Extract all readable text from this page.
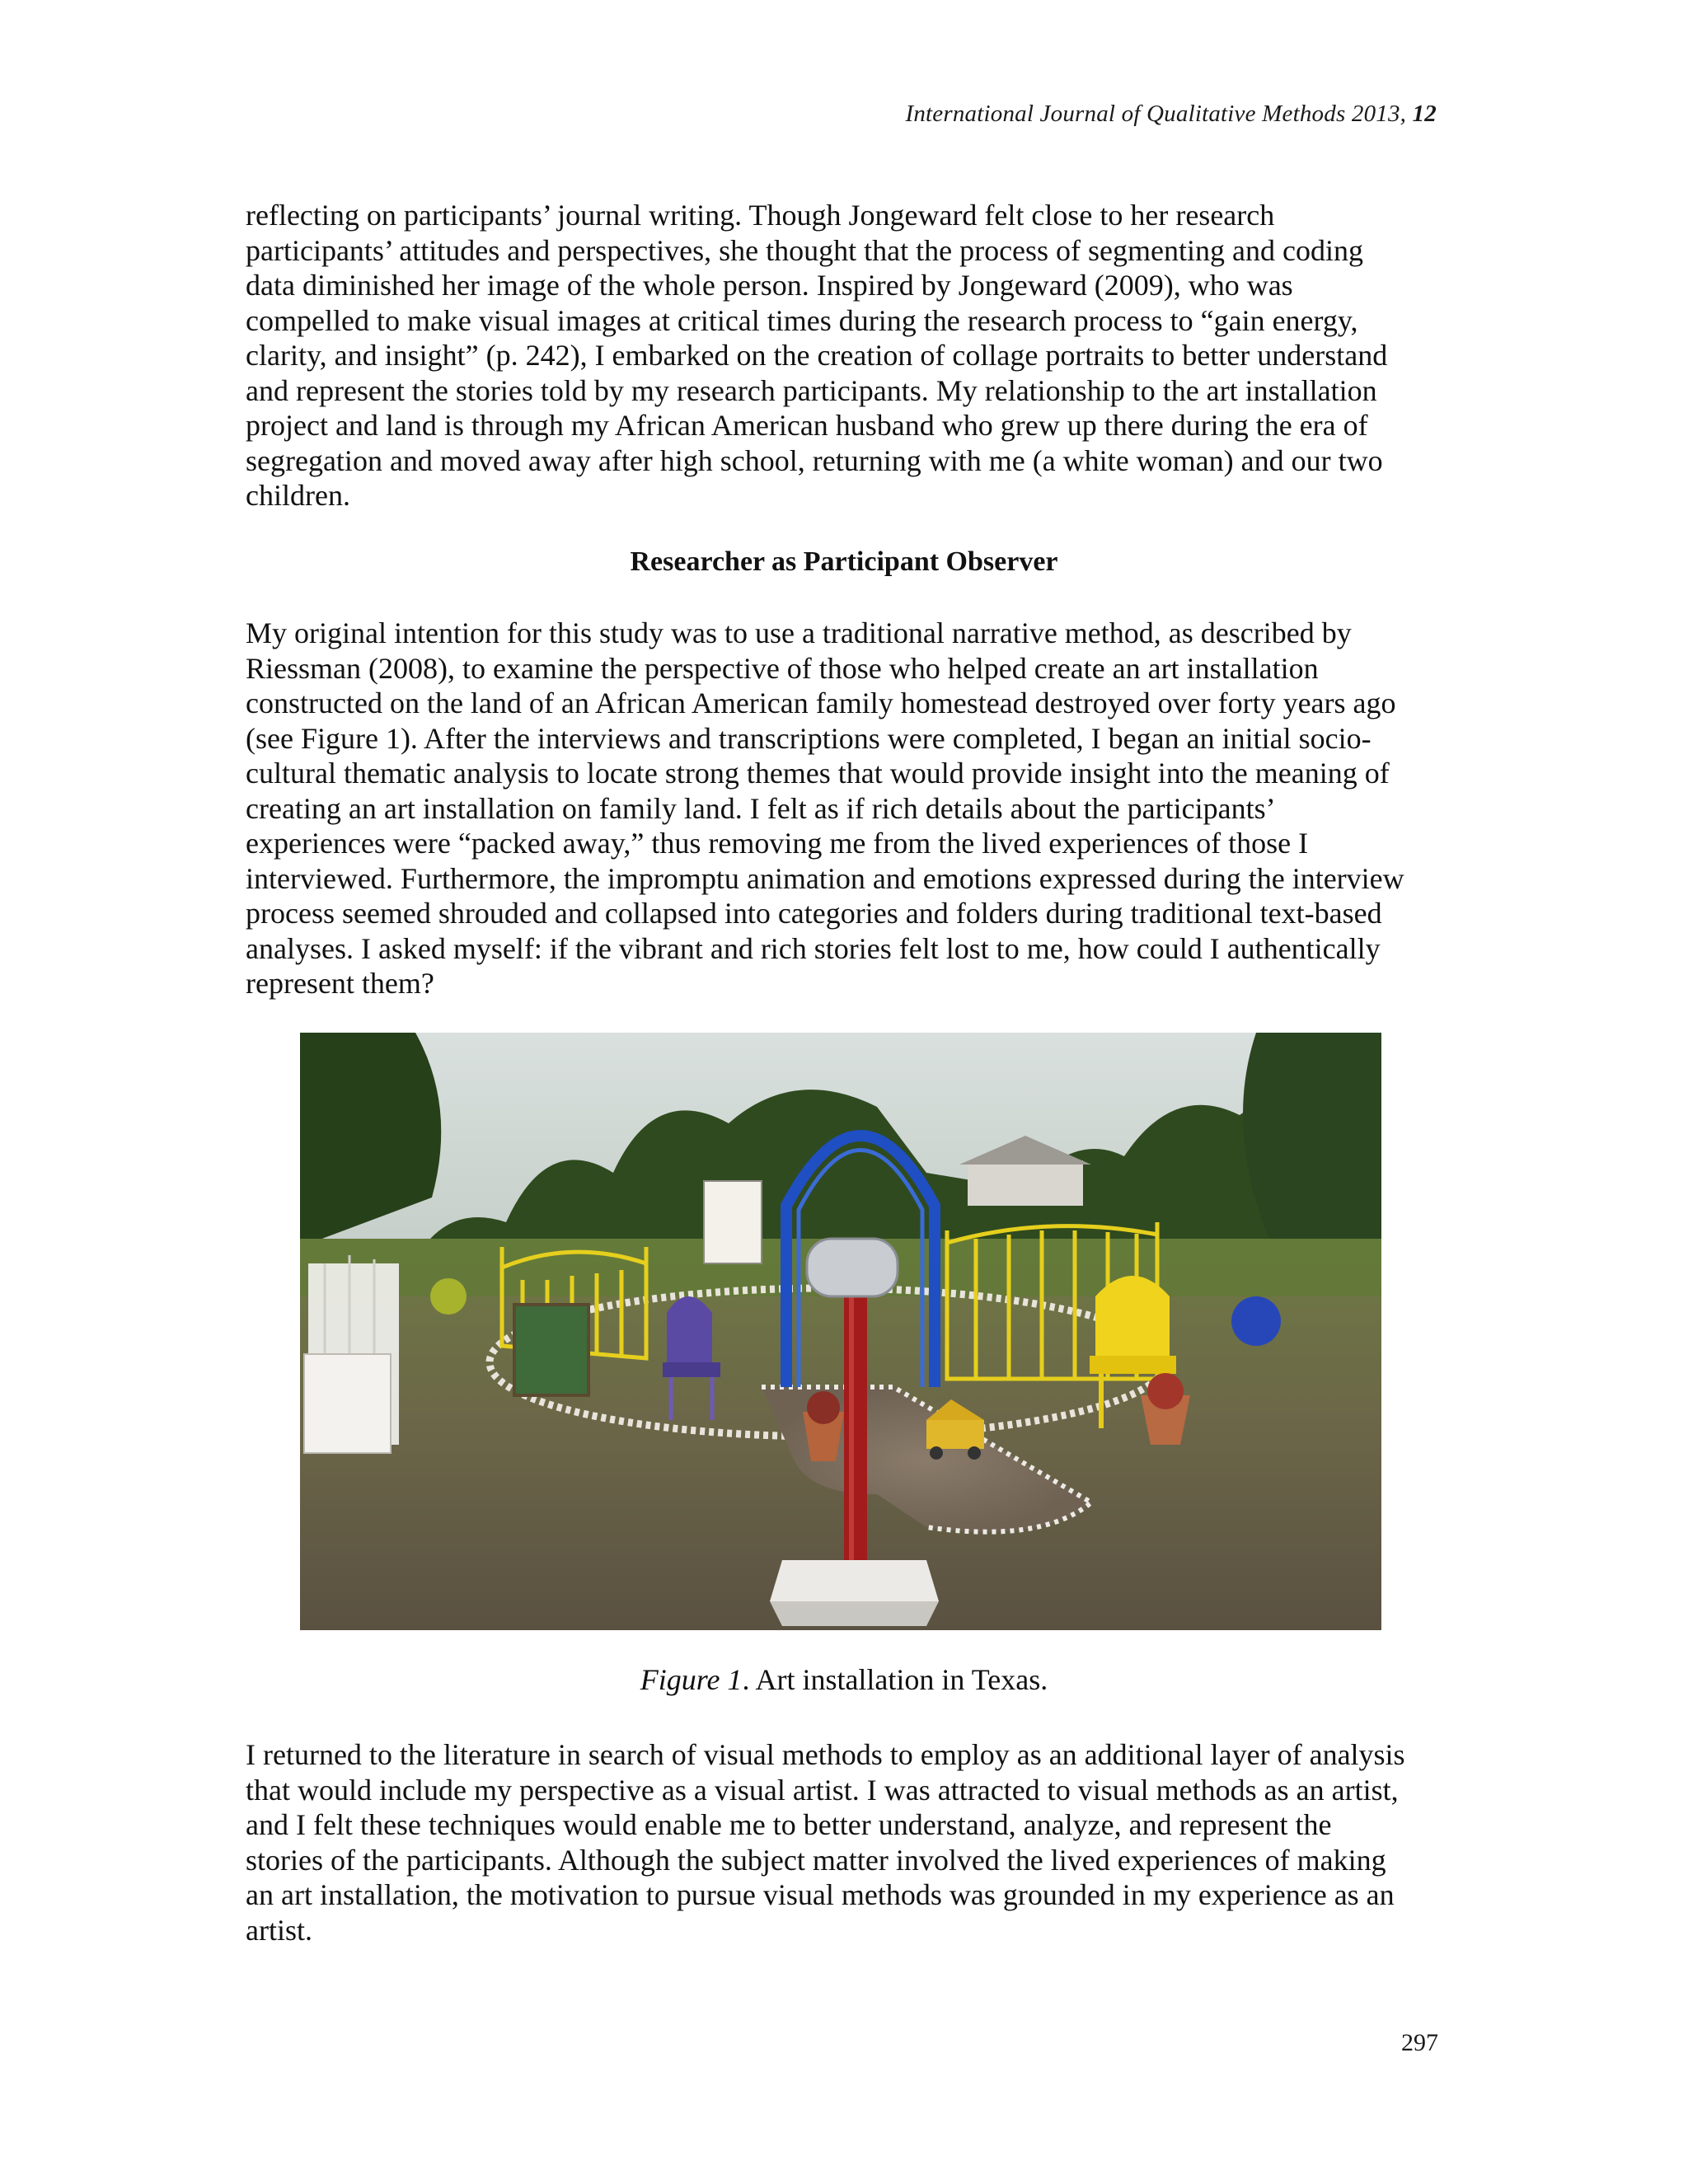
International Journal of Qualitative Methods 2013, 12
reflecting on participants’ journal writing. Though Jongeward felt close to her research
participants’ attitudes and perspectives, she thought that the process of segmenting and coding
data diminished her image of the whole person. Inspired by Jongeward (2009), who was
compelled to make visual images at critical times during the research process to “gain energy,
clarity, and insight” (p. 242), I embarked on the creation of collage portraits to better understand
and represent the stories told by my research participants. My relationship to the art installation
project and land is through my African American husband who grew up there during the era of
segregation and moved away after high school, returning with me (a white woman) and our two
children.
Researcher as Participant Observer
My original intention for this study was to use a traditional narrative method, as described by
Riessman (2008), to examine the perspective of those who helped create an art installation
constructed on the land of an African American family homestead destroyed over forty years ago
(see Figure 1). After the interviews and transcriptions were completed, I began an initial socio-
cultural thematic analysis to locate strong themes that would provide insight into the meaning of
creating an art installation on family land. I felt as if rich details about the participants’
experiences were “packed away,” thus removing me from the lived experiences of those I
interviewed. Furthermore, the impromptu animation and emotions expressed during the interview
process seemed shrouded and collapsed into categories and folders during traditional text-based
analyses. I asked myself: if the vibrant and rich stories felt lost to me, how could I authentically
represent them?
Figure 1. Art installation in Texas.
I returned to the literature in search of visual methods to employ as an additional layer of analysis
that would include my perspective as a visual artist. I was attracted to visual methods as an artist,
and I felt these techniques would enable me to better understand, analyze, and represent the
stories of the participants. Although the subject matter involved the lived experiences of making
an art installation, the motivation to pursue visual methods was grounded in my experience as an
artist.
297
